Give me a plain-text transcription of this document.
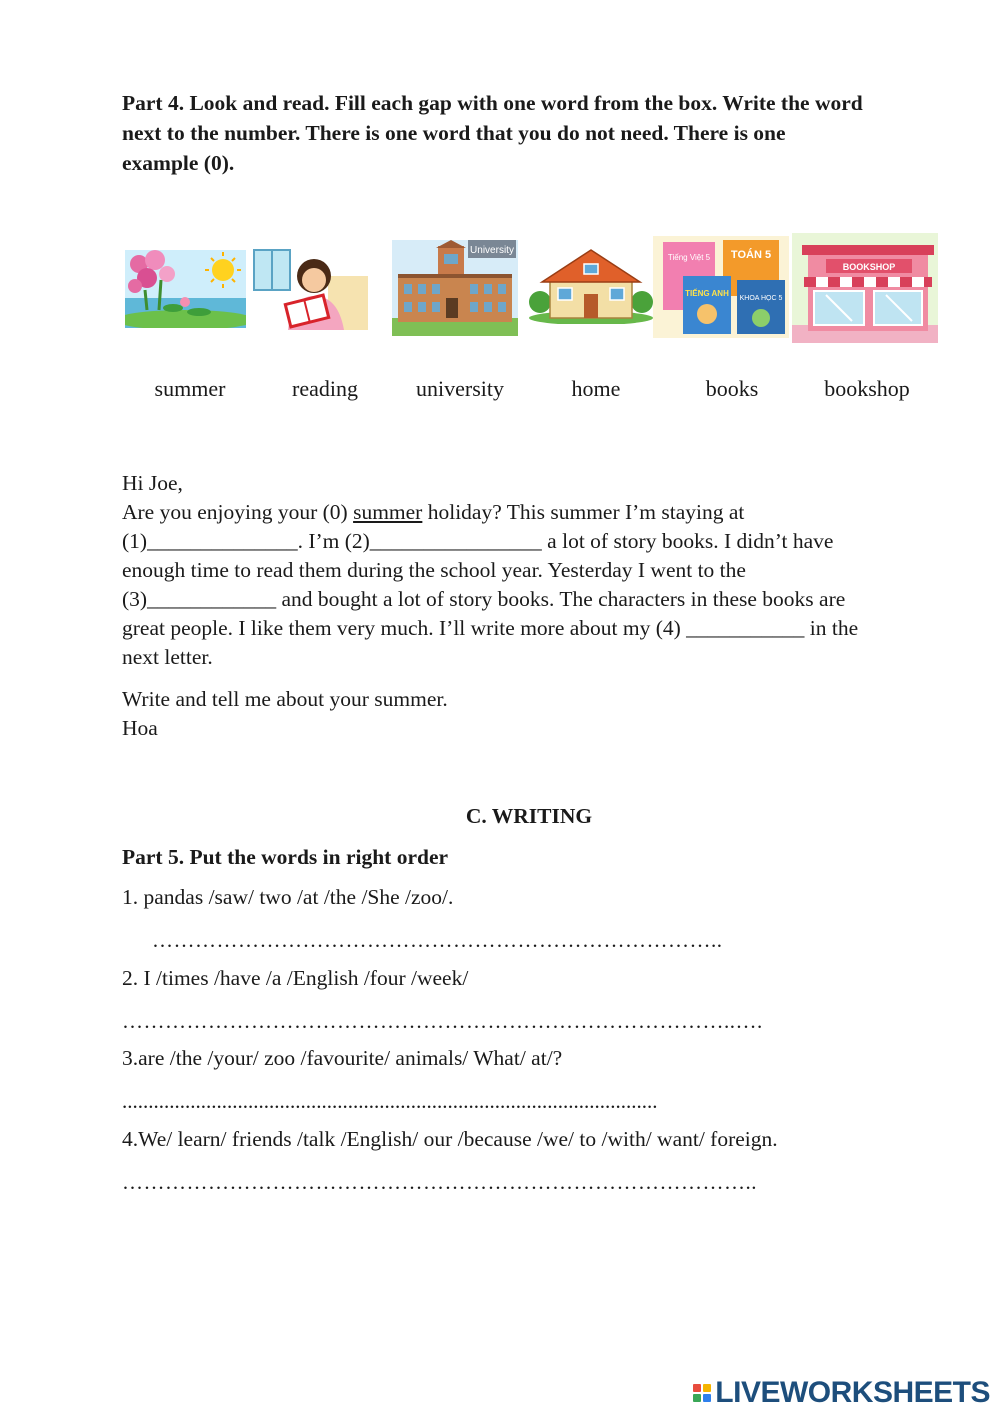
Part 4. Look and read. Fill each gap with one word from the box. Write the word
next to the number. There is one word that you do not need. There is one
example (0).
University
Tiếng Việt 5 TOÁN 5
TIẾNG ANH
KHOA HỌC 5
BOOKSHOP
summer	reading	university	home	books	bookshop
Hi Joe,
Are you enjoying your (0) summer holiday? This summer I’m staying at
(1)______________. I’m (2)________________ a lot of story books. I didn’t have
enough time to read them during the school year. Yesterday I went to the
(3)____________ and bought a lot of story books. The characters in these books are
great people. I like them very much. I’ll write more about my (4) ___________ in the
next letter.
Write and tell me about your summer.
Hoa
C. WRITING
Part 5. Put the words in right order
1. pandas /saw/ two /at /the /She /zoo/.
……………………………………………………………………..
2. I /times /have /a /English /four /week/
…………………………………………………………………………..….
3.are /the /your/ zoo /favourite/ animals/ What/ at/?
......................................................................................................
4.We/ learn/ friends /talk /English/ our /because /we/ to /with/ want/ foreign.
……………………………………………………………………………..
LIVEWORKSHEETS
